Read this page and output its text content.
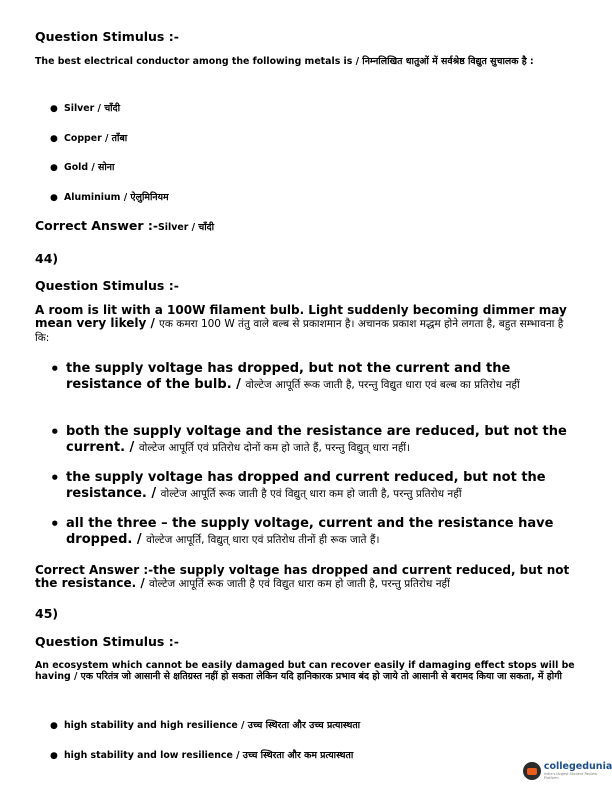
Question Stimulus :-
The best electrical conductor among the following metals is / निम्नलिखित धातुओं में सर्वश्रेष्ठ विद्युत सुचालक है :
● Silver / चाँदी
● Copper / ताँबा
● Gold / सोना
● Aluminium / ऐलुमिनियम
Correct Answer :-Silver / चाँदी
44)
Question Stimulus :-
A room is lit with a 100W filament bulb. Light suddenly becoming dimmer may mean very likely / एक कमरा 100 W तंतु वाले बल्ब से प्रकाशमान है। अचानक प्रकाश मद्धम होने लगता है, बहुत सम्भावना है कि:
• the supply voltage has dropped, but not the current and the resistance of the bulb. / वोल्टेज आपूर्ति रूक जाती है, परन्तु विद्युत धारा एवं बल्ब का प्रतिरोध नहीं
• both the supply voltage and the resistance are reduced, but not the current. / वोल्टेज आपूर्ति एवं प्रतिरोध दोनों कम हो जाते हैं, परन्तु विद्युत् धारा नहीं।
• the supply voltage has dropped and current reduced, but not the resistance. / वोल्टेज आपूर्ति रूक जाती है एवं विद्युत् धारा कम हो जाती है, परन्तु प्रतिरोध नहीं
• all the three – the supply voltage, current and the resistance have dropped. / वोल्टेज आपूर्ति, विद्युत् धारा एवं प्रतिरोध तीनों ही रूक जाते हैं।
Correct Answer :-the supply voltage has dropped and current reduced, but not the resistance. / वोल्टेज आपूर्ति रूक जाती है एवं विद्युत धारा कम हो जाती है, परन्तु प्रतिरोध नहीं
45)
Question Stimulus :-
An ecosystem which cannot be easily damaged but can recover easily if damaging effect stops will be having / एक परितंत्र जो आसानी से क्षतिग्रस्त नहीं हो सकता लेकिन यदि हानिकारक प्रभाव बंद हो जाये तो आसानी से बरामद किया जा सकता, में होगी
● high stability and high resilience / उच्च स्थिरता और उच्च प्रत्यास्थता
● high stability and low resilience / उच्च स्थिरता और कम प्रत्यास्थता
collegedunia
India's largest Student Review Platform
